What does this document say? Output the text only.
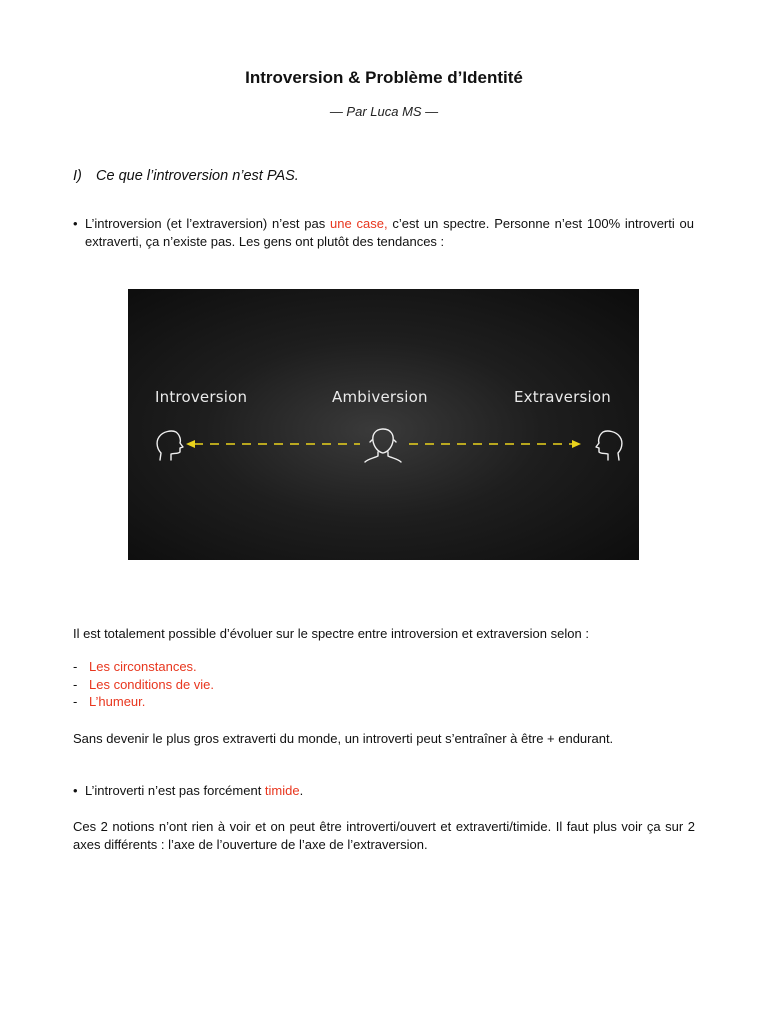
Introversion & Problème d’Identité
— Par Luca MS —
I) Ce que l’introversion n’est PAS.
• L’introversion (et l’extraversion) n’est pas une case, c’est un spectre. Personne n’est 100% introverti ou extraverti, ça n’existe pas. Les gens ont plutôt des tendances :
Introversion	Ambiversion	Extraversion
Il est totalement possible d’évoluer sur le spectre entre introversion et extraversion selon :
- Les circonstances.
- Les conditions de vie.
- L’humeur.
Sans devenir le plus gros extraverti du monde, un introverti peut s’entraîner à être + endurant.
• L’introverti n’est pas forcément timide.
Ces 2 notions n’ont rien à voir et on peut être introverti/ouvert et extraverti/timide. Il faut plus voir ça sur 2 axes différents : l’axe de l’ouverture de l’axe de l’extraversion.
